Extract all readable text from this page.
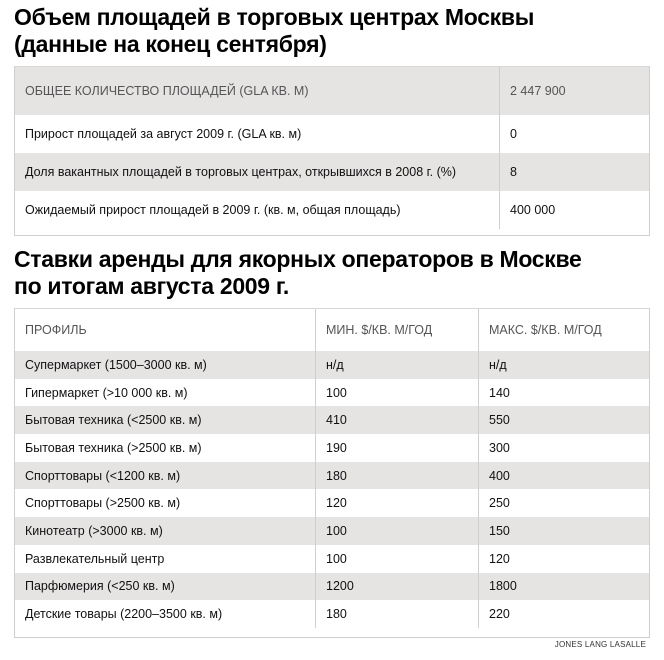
Объем площадей в торговых центрах Москвы
(данные на конец сентября)
ОБЩЕЕ КОЛИЧЕСТВО ПЛОЩАДЕЙ (GLA КВ. М)	2 447 900
Прирост площадей за август 2009 г. (GLA кв. м)	0
Доля вакантных площадей в торговых центрах, открывшихся в 2008 г. (%)	8
Ожидаемый прирост площадей в 2009 г. (кв. м, общая площадь)	400 000
Ставки аренды для якорных операторов в Москве
по итогам августа 2009 г.
ПРОФИЛЬ	МИН. $/КВ. М/ГОД	МАКС. $/КВ. М/ГОД
Супермаркет (1500–3000 кв. м)	н/д	н/д
Гипермаркет (>10 000 кв. м)	100	140
Бытовая техника (<2500 кв. м)	410	550
Бытовая техника (>2500 кв. м)	190	300
Спорттовары (<1200 кв. м)	180	400
Спорттовары (>2500 кв. м)	120	250
Кинотеатр (>3000 кв. м)	100	150
Развлекательный центр	100	120
Парфюмерия (<250 кв. м)	1200	1800
Детские товары (2200–3500 кв. м)	180	220
JONES LANG LASALLE
